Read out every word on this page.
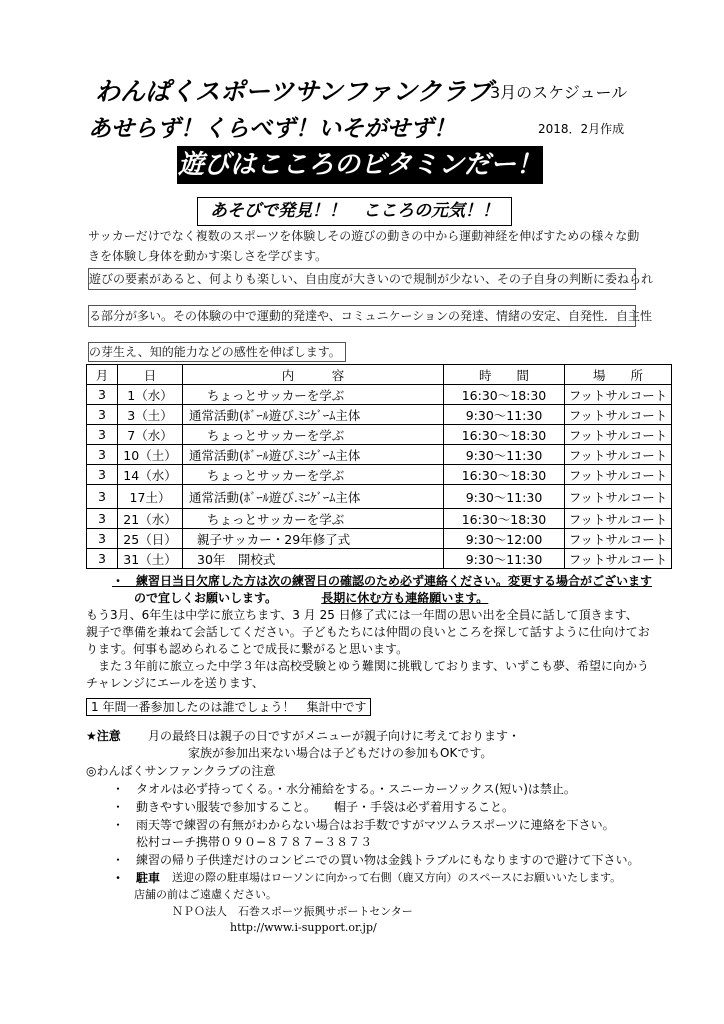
わんぱくスポーツサンファンクラブ
3月のスケジュール
あせらず！くらべず！いそがせず！	2018．2月作成
遊びはこころのビタミンだー！
あそびで発見！！　こころの元気！！
サッカーだけでなく複数のスポーツを体験しその遊びの動きの中から運動神経を伸ばすための様々な動きを体験し身体を動かす楽しさを学びます。
遊びの要素があると、何よりも楽しい、自由度が大きいので規制が少ない、その子自身の判断に委ねられ
る部分が多い。その体験の中で運動的発達や、コミュニケーションの発達、情緒の安定、自発性．自主性
の芽生え、知的能力などの感性を伸ばします。
月	日	内　　　容	時　　間	場　　所
3	1（水）	ちょっとサッカーを学ぶ	16:30〜18:30	フットサルコート
3	3（土）	通常活動(ﾎﾞｰﾙ遊び.ﾐﾆｹﾞｰﾑ主体	9:30〜11:30	フットサルコート
3	7（水）	ちょっとサッカーを学ぶ	16:30〜18:30	フットサルコート
3	10（土）	通常活動(ﾎﾞｰﾙ遊び.ﾐﾆｹﾞｰﾑ主体	9:30〜11:30	フットサルコート
3	14（水）	ちょっとサッカーを学ぶ	16:30〜18:30	フットサルコート
3	17土）	通常活動(ﾎﾞｰﾙ遊び.ﾐﾆｹﾞｰﾑ主体	9:30〜11:30	フットサルコート
3	21（水）	ちょっとサッカーを学ぶ	16:30〜18:30	フットサルコート
3	25（日）	親子サッカー・29年修了式	9:30〜12:00	フットサルコート
3	31（土）	30年　開校式	9:30〜11:30	フットサルコート
・　練習日当日欠席した方は次の練習日の確認のため必ず連絡ください。変更する場合がございます
ので宜しくお願いします。	長期に休む方も連絡願います。
もう3月、6年生は中学に旅立ちます、3 月 25 日修了式には一年間の思い出を全員に話して頂きます、
親子で準備を兼ねて会話してください。子どもたちには仲間の良いところを探して話すように仕向けてお
ります。何事も認められることで成長に繋がると思います。
　また３年前に旅立った中学３年は高校受験とゆう難関に挑戦しております、いずこも夢、希望に向かう
チャレンジにエールを送ります、
1 年間一番参加したのは誰でしょう！　集計中です
★注意 月の最終日は親子の日ですがメニューが親子向けに考えております・
家族が参加出来ない場合は子どもだけの参加もOKです。
◎わんぱくサンファンクラブの注意
・　タオルは必ず持ってくる。・水分補給をする。・スニーカーソックス(短い)は禁止。
・　動きやすい服装で参加すること。　　帽子・手袋は必ず着用すること。
・　雨天等で練習の有無がわからない場合はお手数ですがマツムラスポーツに連絡を下さい。
　　松村コーチ携帯０９０−８７８７−３８７３
・　練習の帰り子供達だけのコンビニでの買い物は金銭トラブルにもなりますので避けて下さい。
・　駐車 送迎の際の駐車場はローソンに向かって右側（鹿又方向）のスペースにお願いいたします。
店舗の前はご遠慮ください。
ＮＰＯ法人　石巻スポーツ振興サポートセンター
http://www.i-support.or.jp/
